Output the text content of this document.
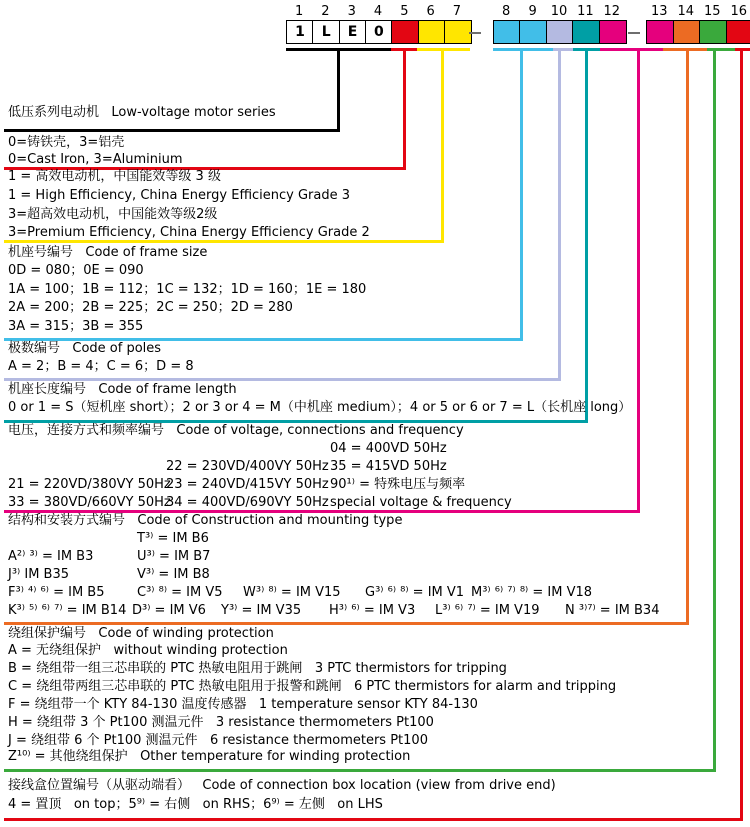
1
1
2
L
3
E
4
0
5 6 7	8 9 10 11 12 13 14 15 16
低压系列电动机   Low-voltage motor series
0=铸铁壳，3=铝壳
0=Cast Iron, 3=Aluminium
1 = 高效电动机，中国能效等级 3 级
1 = High Efficiency, China Energy Efficiency Grade 3
3=超高效电动机，中国能效等级2级
3=Premium Efficiency, China Energy Efficiency Grade 2
机座号编号   Code of frame size
0D = 080；0E = 090
1A = 100；1B = 112；1C = 132；1D = 160；1E = 180
2A = 200；2B = 225；2C = 250；2D = 280
3A = 315；3B = 355
极数编号   Code of poles
A = 2；B = 4；C = 6；D = 8
机座长度编号   Code of frame length
0 or 1 = S（短机座 short）；2 or 3 or 4 = M（中机座 medium）；4 or 5 or 6 or 7 = L（长机座 long）
电压，连接方式和频率编号   Code of voltage, connections and frequency
04 = 400VD 50Hz
22 = 230VD/400VY 50Hz 35 = 415VD 50Hz
21 = 220VD/380VY 50Hz
23 = 240VD/415VY 50Hz 90¹⁾ = 特殊电压与频率
33 = 380VD/660VY 50Hz
34 = 400VD/690VY 50Hz special voltage & frequency
结构和安装方式编号   Code of Construction and mounting type
T³⁾ = IM B6
A²⁾ ³⁾ = IM B3	U³⁾ = IM B7
J³⁾ IM B35	V³⁾ = IM B8
F³⁾ ⁴⁾ ⁶⁾ = IM B5	C³⁾ ⁸⁾ = IM V5 W³⁾ ⁸⁾ = IM V15 G³⁾ ⁶⁾ ⁸⁾ = IM V1 M³⁾ ⁶⁾ ⁷⁾ ⁸⁾ = IM V18
K³⁾ ⁵⁾ ⁶⁾ ⁷⁾ = IM B14 D³⁾ = IM V6 Y³⁾ = IM V35 H³⁾ ⁶⁾ = IM V3 L³⁾ ⁶⁾ ⁷⁾ = IM V19 N ³⁾⁷⁾ = IM B34
绕组保护编号   Code of winding protection
A = 无绕组保护   without winding protection
B = 绕组带一组三芯串联的 PTC 热敏电阻用于跳闸   3 PTC thermistors for tripping
C = 绕组带两组三芯串联的 PTC 热敏电阻用于报警和跳闸   6 PTC thermistors for alarm and tripping
F = 绕组带一个 KTY 84-130 温度传感器   1 temperature sensor KTY 84-130
H = 绕组带 3 个 Pt100 测温元件   3 resistance thermometers Pt100
J = 绕组带 6 个 Pt100 测温元件   6 resistance thermometers Pt100
Z¹⁰⁾ = 其他绕组保护   Other temperature for winding protection
接线盒位置编号（从驱动端看）   Code of connection box location (view from drive end)
4 = 置顶   on top；5⁹⁾ = 右侧   on RHS；6⁹⁾ = 左侧   on LHS
